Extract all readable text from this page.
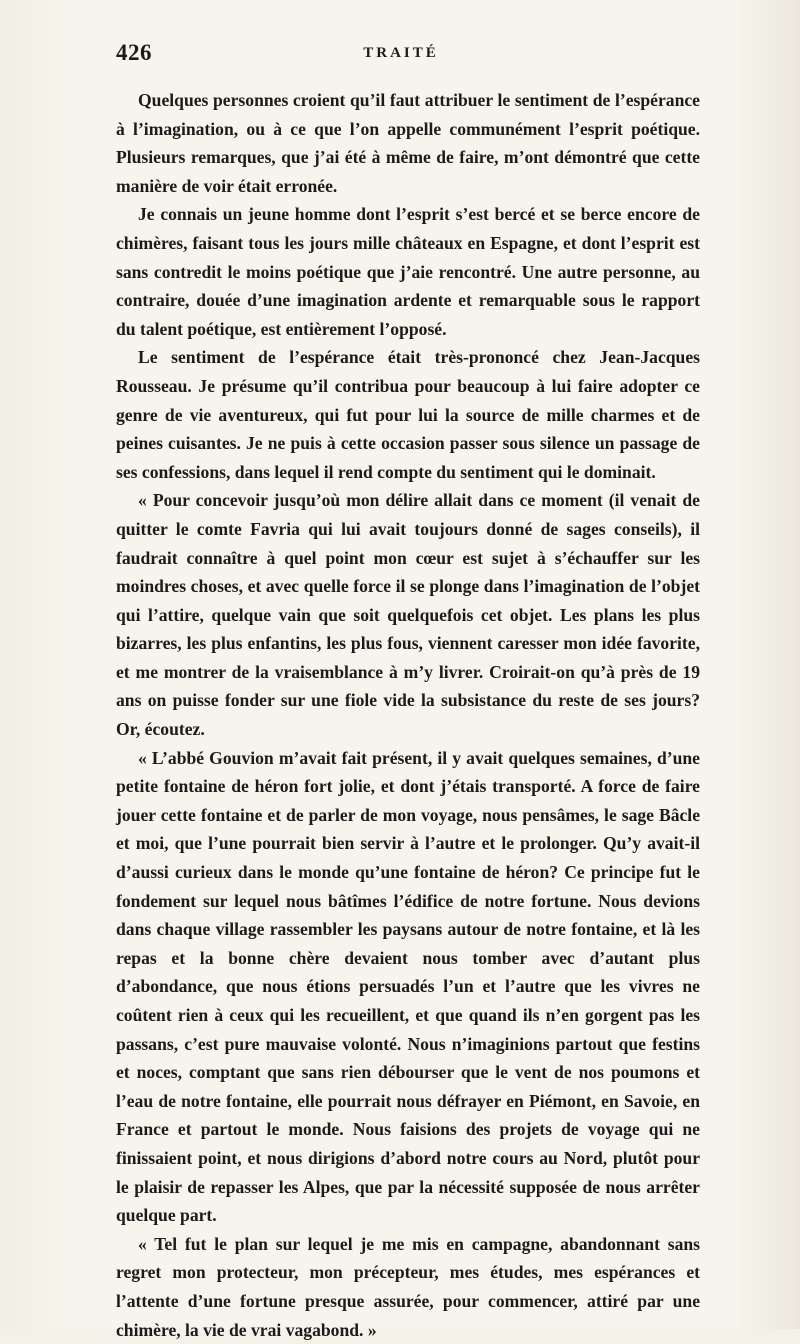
426	TRAITÉ

Quelques personnes croient qu’il faut attribuer le sentiment de l’espérance à l’imagination, ou à ce que l’on appelle communément l’esprit poétique. Plusieurs remarques, que j’ai été à même de faire, m’ont démontré que cette manière de voir était erronée.

Je connais un jeune homme dont l’esprit s’est bercé et se berce encore de chimères, faisant tous les jours mille châteaux en Espagne, et dont l’esprit est sans contredit le moins poétique que j’aie rencontré. Une autre personne, au contraire, douée d’une imagination ardente et remarquable sous le rapport du talent poétique, est entièrement l’opposé.

Le sentiment de l’espérance était très-prononcé chez Jean-Jacques Rousseau. Je présume qu’il contribua pour beaucoup à lui faire adopter ce genre de vie aventureux, qui fut pour lui la source de mille charmes et de peines cuisantes. Je ne puis à cette occasion passer sous silence un passage de ses confessions, dans lequel il rend compte du sentiment qui le dominait.

« Pour concevoir jusqu’où mon délire allait dans ce moment (il venait de quitter le comte Favria qui lui avait toujours donné de sages conseils), il faudrait connaître à quel point mon cœur est sujet à s’échauffer sur les moindres choses, et avec quelle force il se plonge dans l’imagination de l’objet qui l’attire, quelque vain que soit quelquefois cet objet. Les plans les plus bizarres, les plus enfantins, les plus fous, viennent caresser mon idée favorite, et me montrer de la vraisemblance à m’y livrer. Croirait-on qu’à près de 19 ans on puisse fonder sur une fiole vide la subsistance du reste de ses jours? Or, écoutez.

« L’abbé Gouvion m’avait fait présent, il y avait quelques semaines, d’une petite fontaine de héron fort jolie, et dont j’étais transporté. A force de faire jouer cette fontaine et de parler de mon voyage, nous pensâmes, le sage Bâcle et moi, que l’une pourrait bien servir à l’autre et le prolonger. Qu’y avait-il d’aussi curieux dans le monde qu’une fontaine de héron? Ce principe fut le fondement sur lequel nous bâtîmes l’édifice de notre fortune. Nous devions dans chaque village rassembler les paysans autour de notre fontaine, et là les repas et la bonne chère devaient nous tomber avec d’autant plus d’abondance, que nous étions persuadés l’un et l’autre que les vivres ne coûtent rien à ceux qui les recueillent, et que quand ils n’en gorgent pas les passans, c’est pure mauvaise volonté. Nous n’imaginions partout que festins et noces, comptant que sans rien débourser que le vent de nos poumons et l’eau de notre fontaine, elle pourrait nous défrayer en Piémont, en Savoie, en France et partout le monde. Nous faisions des projets de voyage qui ne finissaient point, et nous dirigions d’abord notre cours au Nord, plutôt pour le plaisir de repasser les Alpes, que par la nécessité supposée de nous arrêter quelque part.

« Tel fut le plan sur lequel je me mis en campagne, abandonnant sans regret mon protecteur, mon précepteur, mes études, mes espérances et l’attente d’une fortune presque assurée, pour commencer, attiré par une chimère, la vie de vrai vagabond. »
